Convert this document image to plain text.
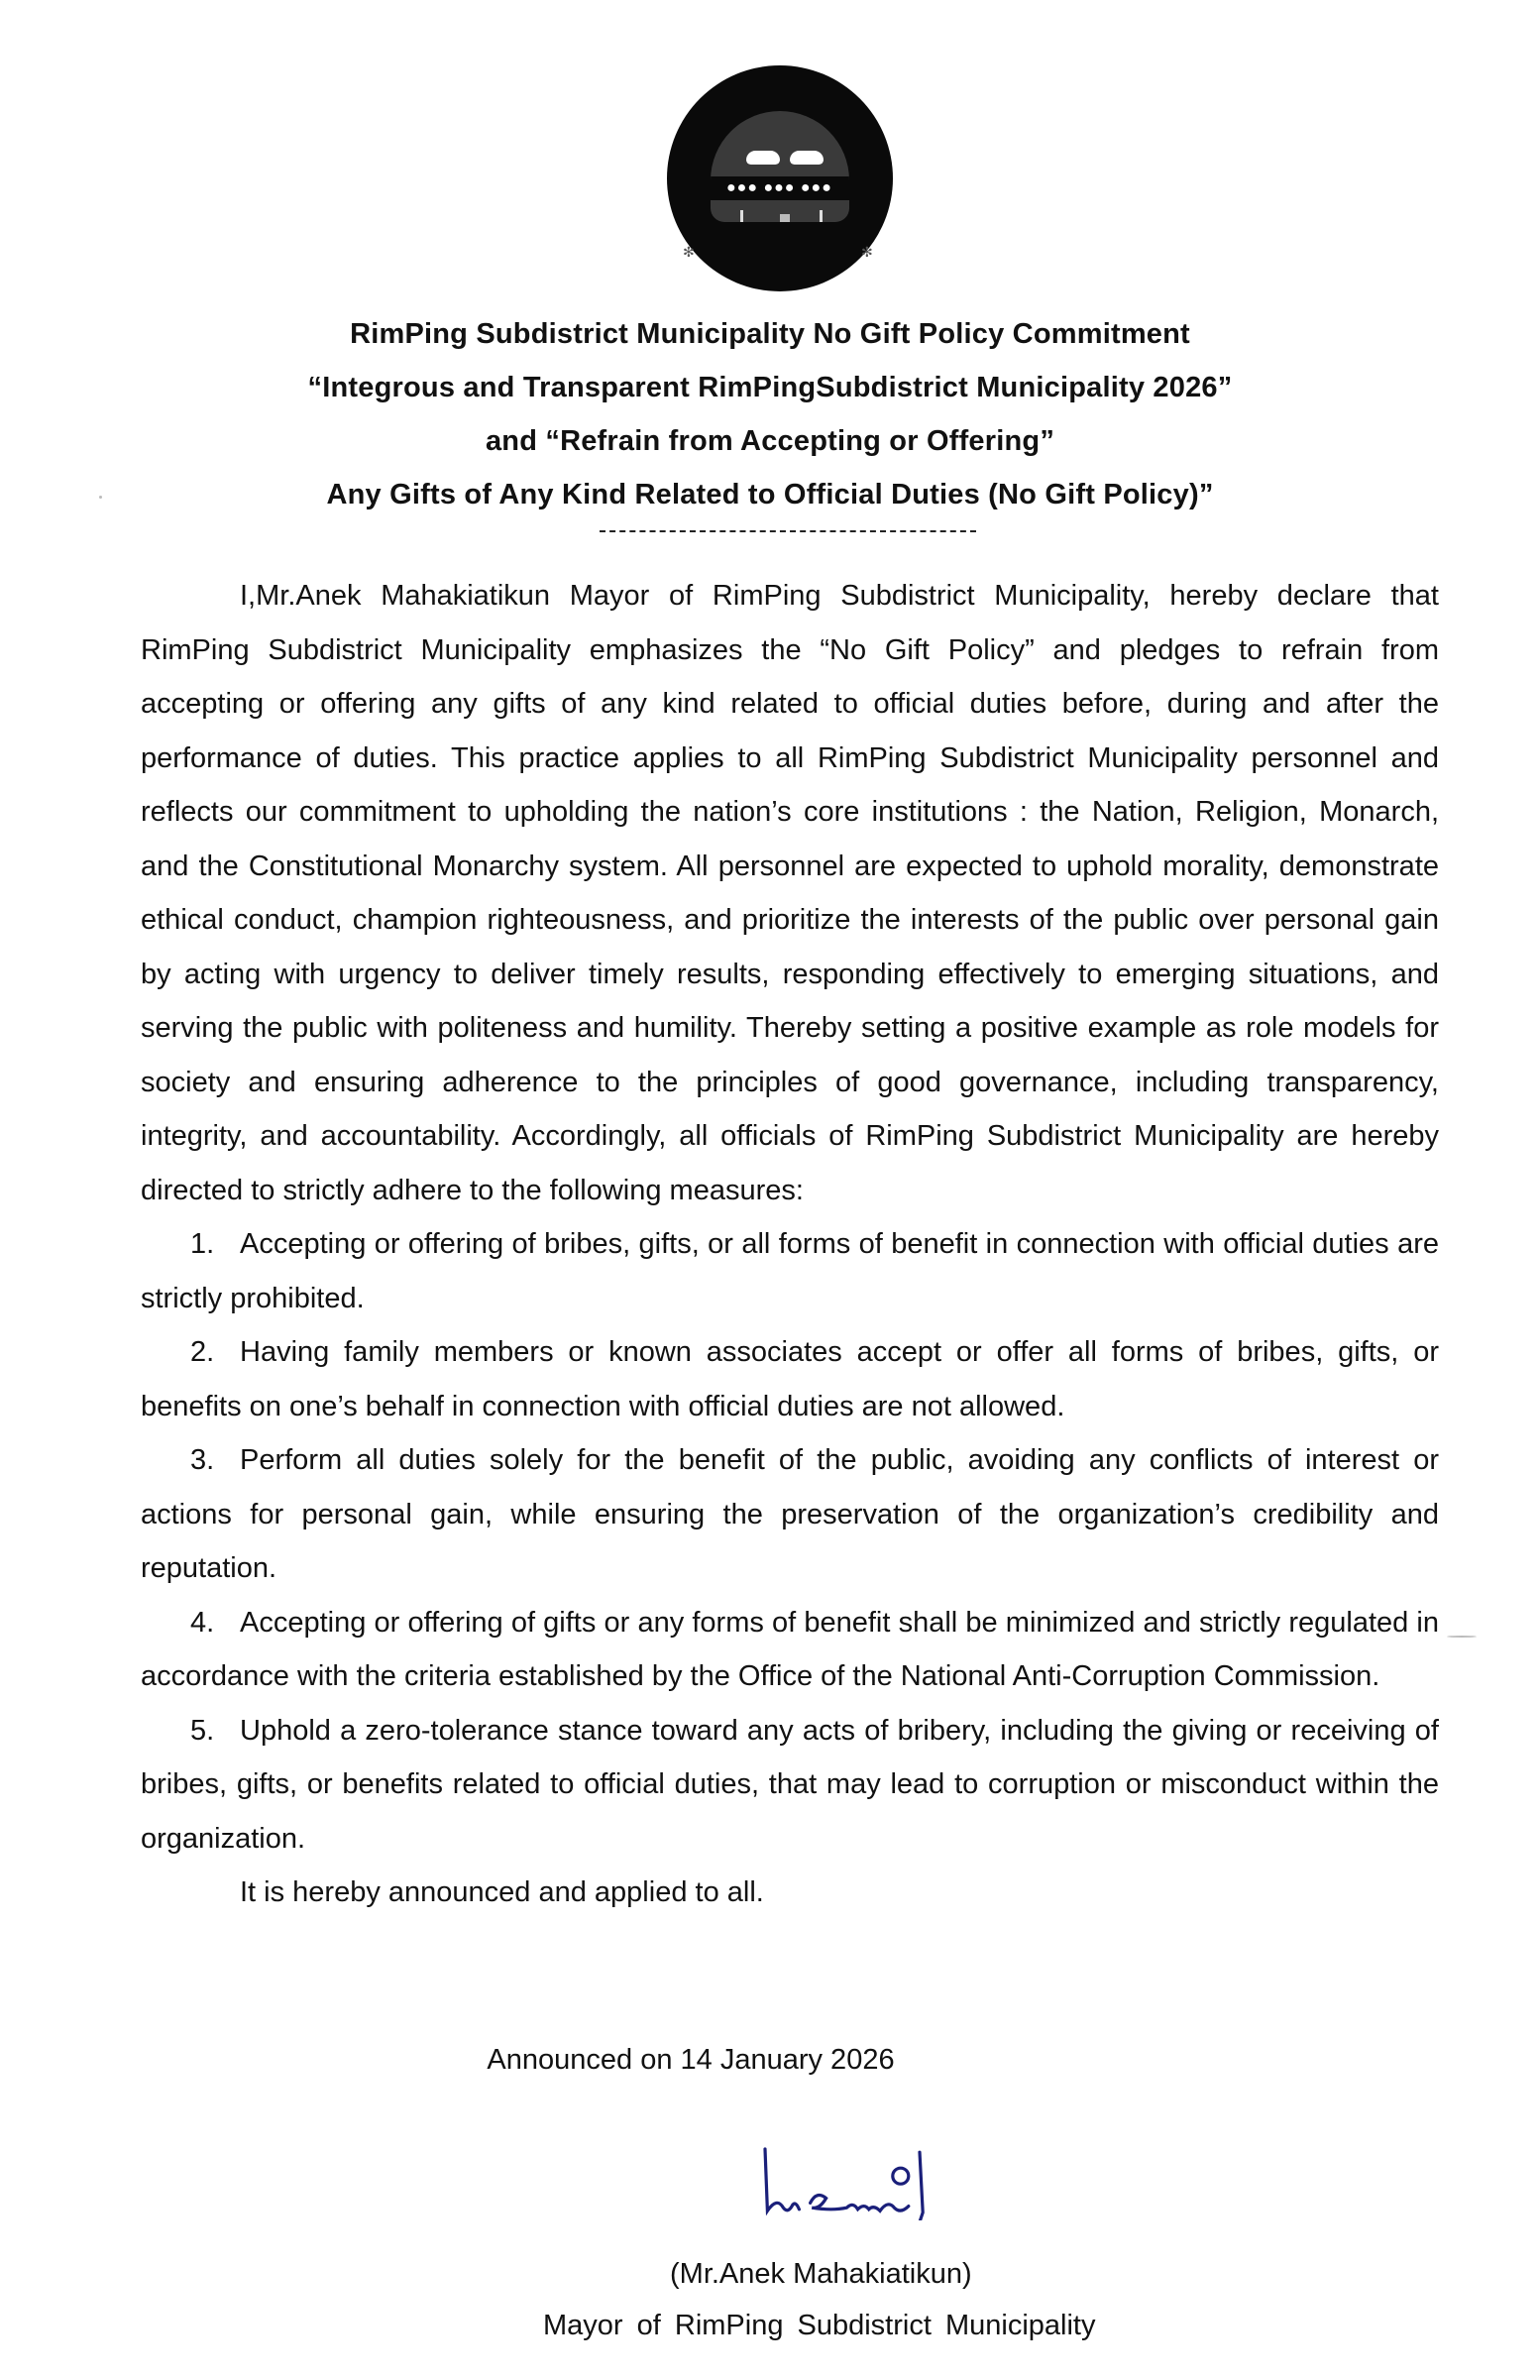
●●● ●●● ●●●
✻	✻
RimPing Subdistrict Municipality No Gift Policy Commitment
“Integrous and Transparent RimPingSubdistrict Municipality 2026”
and “Refrain from Accepting or Offering”
Any Gifts of Any Kind Related to Official Duties (No Gift Policy)”

I,Mr.Anek Mahakiatikun Mayor of RimPing Subdistrict Municipality, hereby declare that RimPing Subdistrict Municipality emphasizes the “No Gift Policy” and pledges to refrain from accepting or offering any gifts of any kind related to official duties before, during and after the performance of duties. This practice applies to all RimPing Subdistrict Municipality personnel and reflects our commitment to upholding the nation’s core institutions : the Nation, Religion, Monarch, and the Constitutional Monarchy system. All personnel are expected to uphold morality, demonstrate ethical conduct, champion righteousness, and prioritize the interests of the public over personal gain by acting with urgency to deliver timely results, responding effectively to emerging situations, and serving the public with politeness and humility. Thereby setting a positive example as role models for society and ensuring adherence to the principles of good governance, including transparency, integrity, and accountability. Accordingly, all officials of RimPing Subdistrict Municipality are hereby directed to strictly adhere to the following measures:

1. Accepting or offering of bribes, gifts, or all forms of benefit in connection with official duties are strictly prohibited.

2. Having family members or known associates accept or offer all forms of bribes, gifts, or benefits on one’s behalf in connection with official duties are not allowed.

3. Perform all duties solely for the benefit of the public, avoiding any conflicts of interest or actions for personal gain, while ensuring the preservation of the organization’s credibility and reputation.

4. Accepting or offering of gifts or any forms of benefit shall be minimized and strictly regulated in accordance with the criteria established by the Office of the National Anti-Corruption Commission.

5. Uphold a zero-tolerance stance toward any acts of bribery, including the giving or receiving of bribes, gifts, or benefits related to official duties, that may lead to corruption or misconduct within the organization.

It is hereby announced and applied to all.

Announced on 14 January 2026
(Mr.Anek Mahakiatikun)
Mayor of RimPing Subdistrict Municipality
